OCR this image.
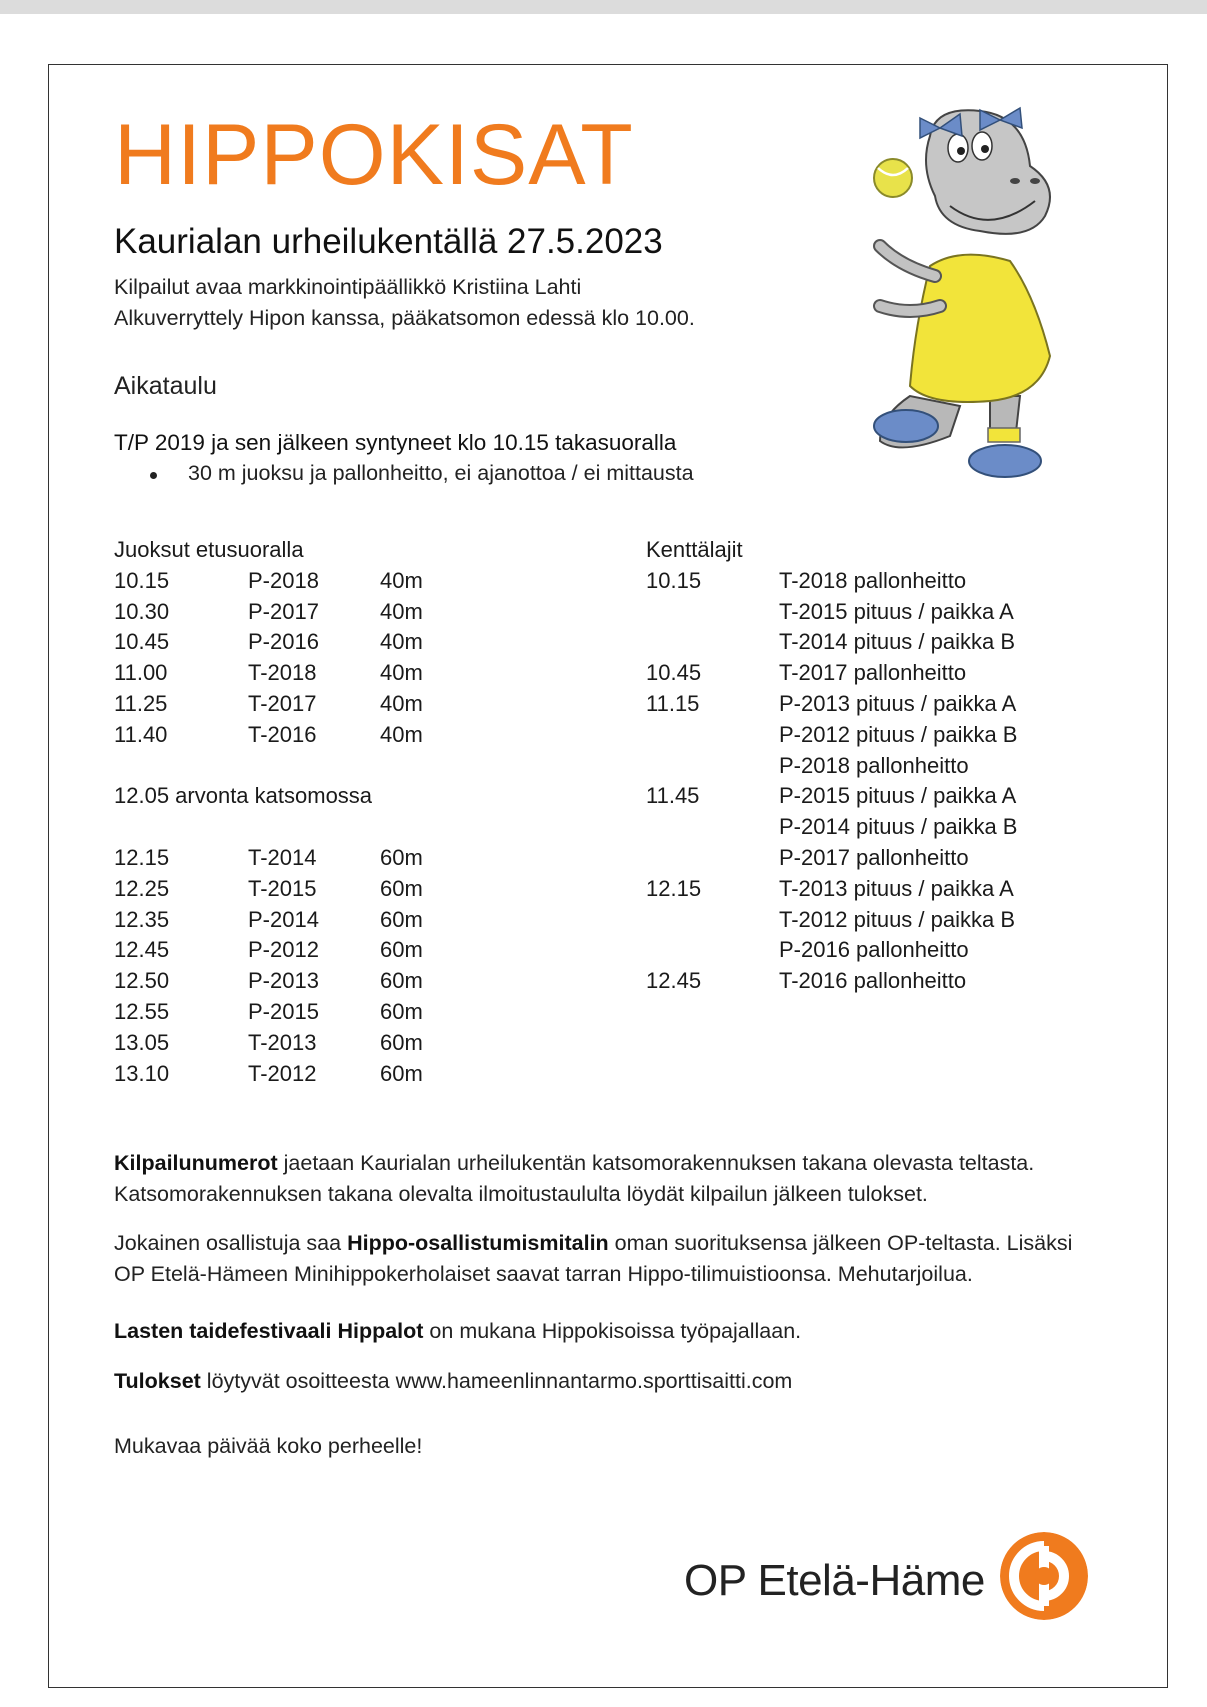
HIPPOKISAT
Kaurialan urheilukentällä 27.5.2023
Kilpailut avaa markkinointipäällikkö Kristiina Lahti
Alkuverryttely Hipon kanssa, pääkatsomon edessä klo 10.00.
Aikataulu
T/P 2019 ja sen jälkeen syntyneet klo 10.15 takasuoralla
30 m juoksu ja pallonheitto, ei ajanottoa / ei mittausta
Juoksut etusuoralla
10.15	P-2018	40m
10.30	P-2017	40m
10.45	P-2016	40m
11.00	T-2018	40m
11.25	T-2017	40m
11.40	T-2016	40m
12.05 arvonta katsomossa
12.15	T-2014	60m
12.25	T-2015	60m
12.35	P-2014	60m
12.45	P-2012	60m
12.50	P-2013	60m
12.55	P-2015	60m
13.05	T-2013	60m
13.10	T-2012	60m
Kenttälajit
10.15	T-2018 pallonheitto
T-2015 pituus / paikka A
T-2014 pituus / paikka B
10.45	T-2017 pallonheitto
11.15	P-2013 pituus / paikka A
P-2012 pituus / paikka B
P-2018 pallonheitto
11.45	P-2015 pituus / paikka A
P-2014 pituus / paikka B
P-2017 pallonheitto
12.15	T-2013 pituus / paikka A
T-2012 pituus / paikka B
P-2016 pallonheitto
12.45	T-2016 pallonheitto
Kilpailunumerot jaetaan Kaurialan urheilukentän katsomorakennuksen takana olevasta teltasta.
Katsomorakennuksen takana olevalta ilmoitustaululta löydät kilpailun jälkeen tulokset.
Jokainen osallistuja saa Hippo-osallistumismitalin oman suorituksensa jälkeen OP-teltasta. Lisäksi
OP Etelä-Hämeen Minihippokerholaiset saavat tarran Hippo-tilimuistioonsa. Mehutarjoilua.
Lasten taidefestivaali Hippalot on mukana Hippokisoissa työpajallaan.
Tulokset löytyvät osoitteesta www.hameenlinnantarmo.sporttisaitti.com
Mukavaa päivää koko perheelle!
OP Etelä-Häme
